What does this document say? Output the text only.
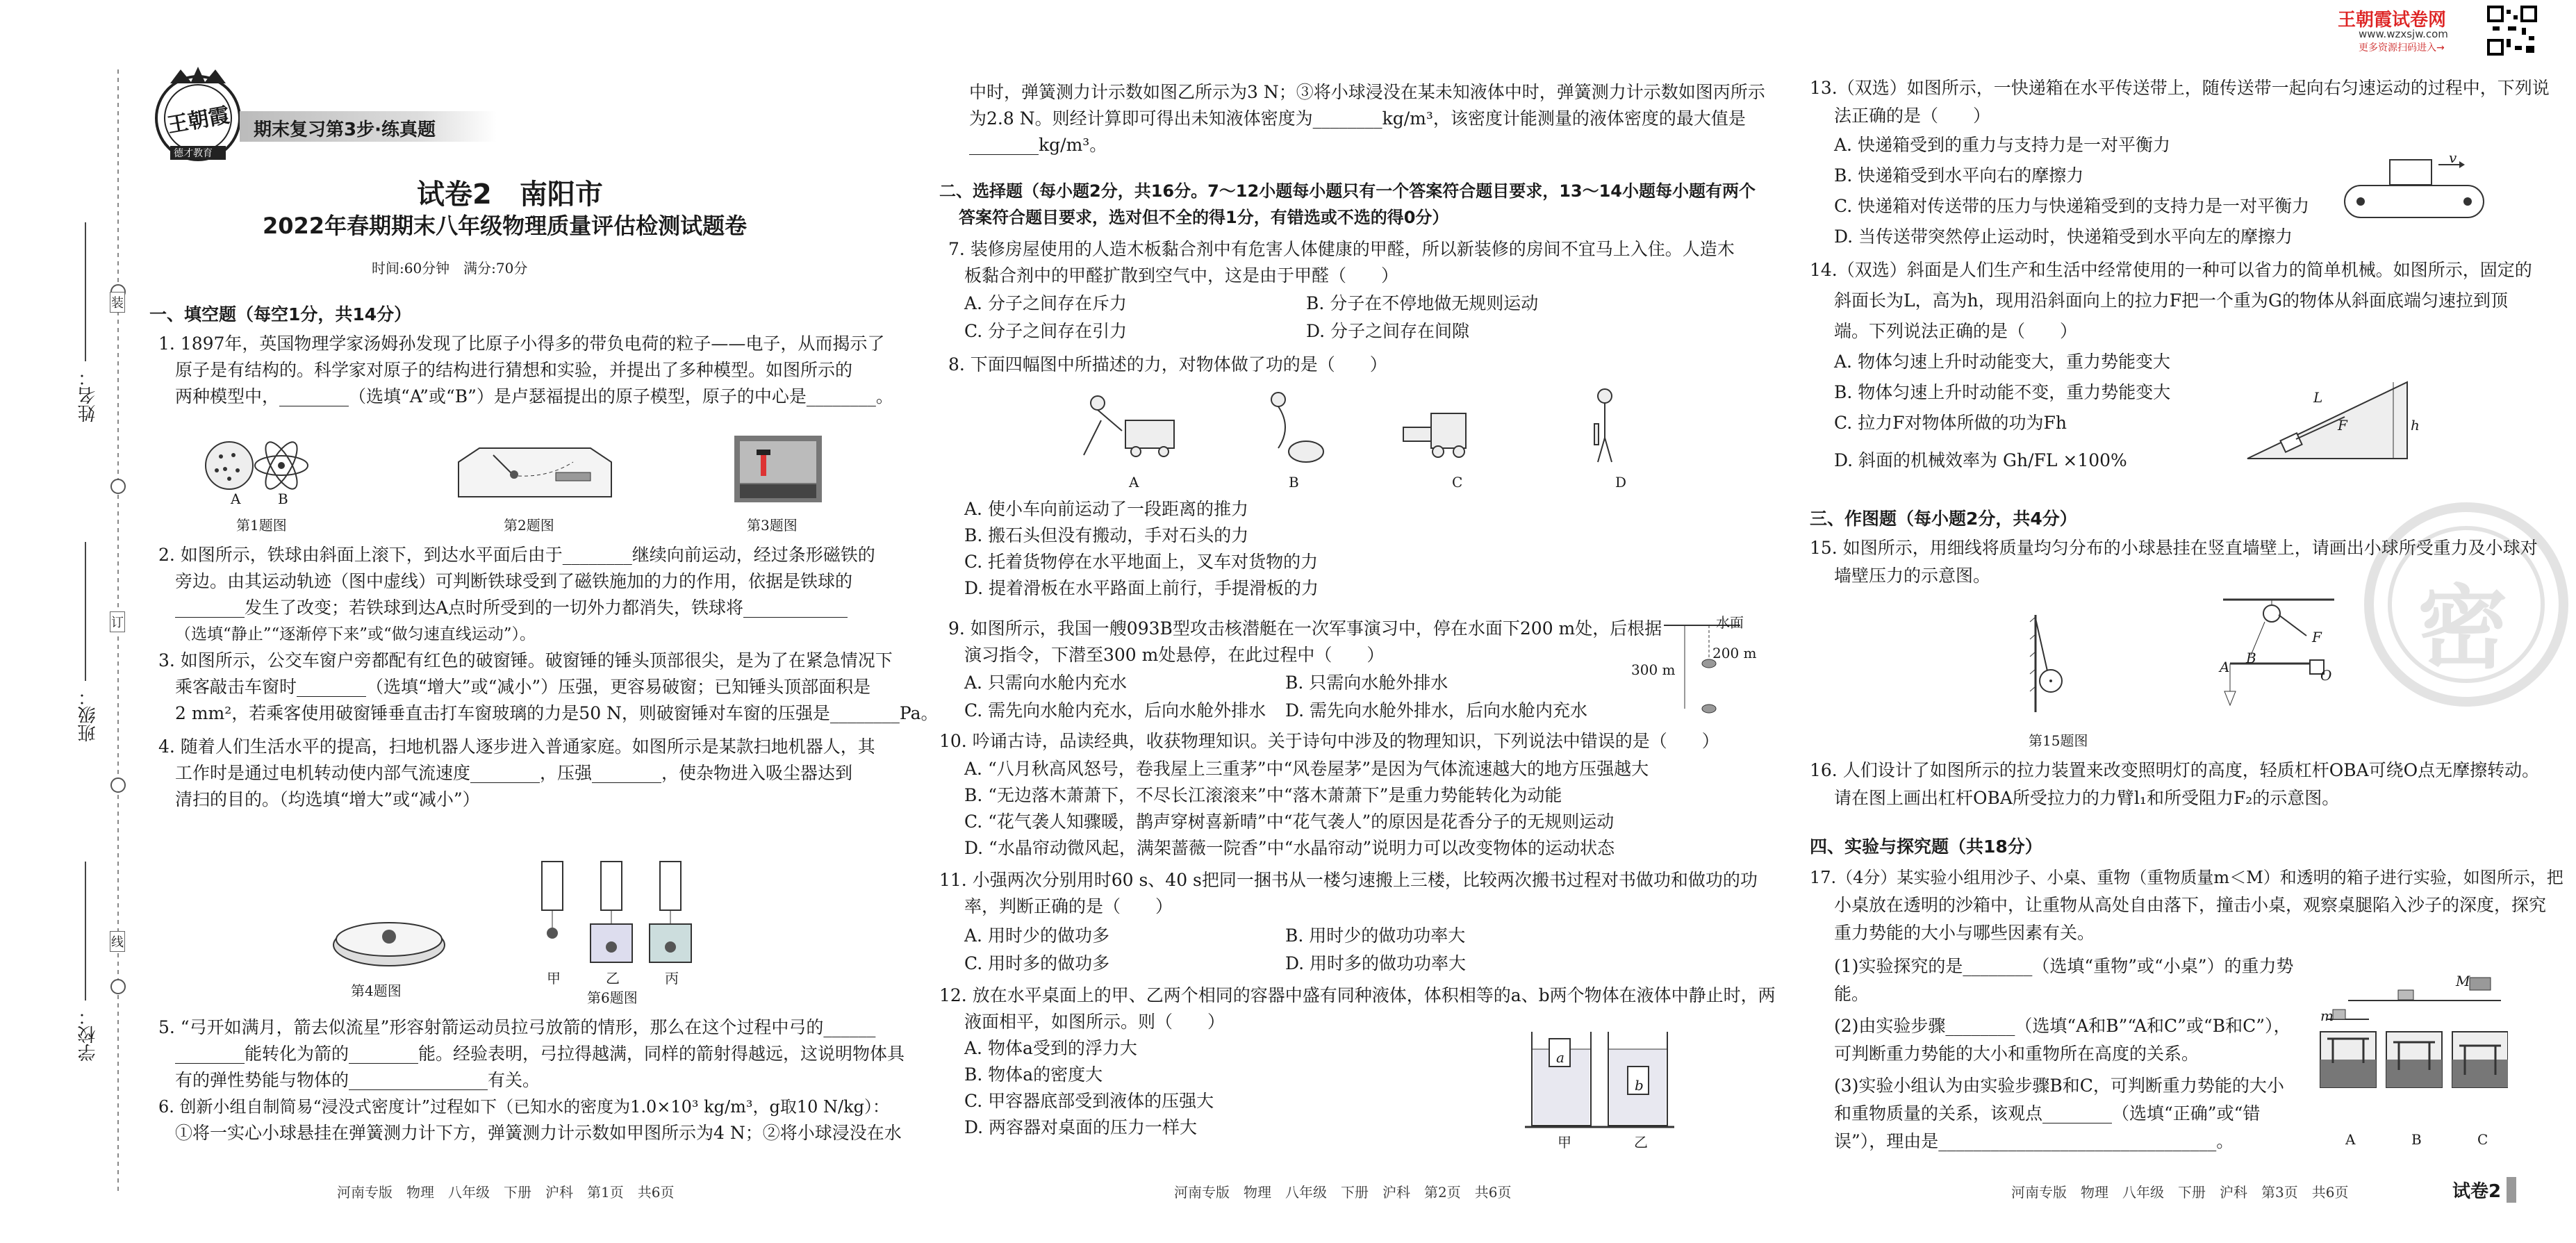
姓名：
班级：
学校：
装
订
线
王朝霞
德才教育
期末复习第3步·练真题
王朝霞试卷网
www.wzxsjw.com
更多资源扫码进入→
试卷2　南阳市
2022年春期期末八年级物理质量评估检测试题卷
时间:60分钟　满分:70分
一、填空题（每空1分，共14分）
1. 1897年，英国物理学家汤姆孙发现了比原子小得多的带负电荷的粒子——电子，从而揭示了
原子是有结构的。科学家对原子的结构进行猜想和实验，并提出了多种模型。如图所示的
两种模型中，________（选填“A”或“B”）是卢瑟福提出的原子模型，原子的中心是________。
A	B
第1题图	第2题图	第3题图
2. 如图所示，铁球由斜面上滚下，到达水平面后由于________继续向前运动，经过条形磁铁的
旁边。由其运动轨迹（图中虚线）可判断铁球受到了磁铁施加的力的作用，依据是铁球的
________发生了改变；若铁球到达A点时所受到的一切外力都消失，铁球将____________
（选填“静止”“逐渐停下来”或“做匀速直线运动”）。
3. 如图所示，公交车窗户旁都配有红色的破窗锤。破窗锤的锤头顶部很尖，是为了在紧急情况下
乘客敲击车窗时________（选填“增大”或“减小”）压强，更容易破窗；已知锤头顶部面积是
2 mm²，若乘客使用破窗锤垂直击打车窗玻璃的力是50 N，则破窗锤对车窗的压强是________Pa。
4. 随着人们生活水平的提高，扫地机器人逐步进入普通家庭。如图所示是某款扫地机器人，其
工作时是通过电机转动使内部气流速度________，压强________，使杂物进入吸尘器达到
清扫的目的。（均选填“增大”或“减小”）
第4题图
甲	乙	丙
第6题图
5. “弓开如满月，箭去似流星”形容射箭运动员拉弓放箭的情形，那么在这个过程中弓的______
________能转化为箭的________能。经验表明，弓拉得越满，同样的箭射得越远，这说明物体具
有的弹性势能与物体的________________有关。
6. 创新小组自制简易“浸没式密度计”过程如下（已知水的密度为1.0×10³ kg/m³，g取10 N/kg）：
①将一实心小球悬挂在弹簧测力计下方，弹簧测力计示数如甲图所示为4 N；②将小球浸没在水
河南专版　物理　八年级　下册　沪科　第1页　共6页
中时，弹簧测力计示数如图乙所示为3 N；③将小球浸没在某未知液体中时，弹簧测力计示数如图丙所示
为2.8 N。则经计算即可得出未知液体密度为________kg/m³，该密度计能测量的液体密度的最大值是
________kg/m³。
二、选择题（每小题2分，共16分。7～12小题每小题只有一个答案符合题目要求，13～14小题每小题有两个
答案符合题目要求，选对但不全的得1分，有错选或不选的得0分）
7. 装修房屋使用的人造木板黏合剂中有危害人体健康的甲醛，所以新装修的房间不宜马上入住。人造木
板黏合剂中的甲醛扩散到空气中，这是由于甲醛（　　）
A. 分子之间存在斥力	B. 分子在不停地做无规则运动
C. 分子之间存在引力	D. 分子之间存在间隙
8. 下面四幅图中所描述的力，对物体做了功的是（　　）
A	B	C	D
A. 使小车向前运动了一段距离的推力
B. 搬石头但没有搬动，手对石头的力
C. 托着货物停在水平地面上，叉车对货物的力
D. 提着滑板在水平路面上前行，手提滑板的力
9. 如图所示，我国一艘093B型攻击核潜艇在一次军事演习中，停在水面下200 m处，后根据
演习指令，下潜至300 m处悬停，在此过程中（　　）
A. 只需向水舱内充水	B. 只需向水舱外排水
C. 需先向水舱内充水，后向水舱外排水 D. 需先向水舱外排水，后向水舱内充水
水面
200 m
300 m
10. 吟诵古诗，品读经典，收获物理知识。关于诗句中涉及的物理知识，下列说法中错误的是（　　）
A. “八月秋高风怒号，卷我屋上三重茅”中“风卷屋茅”是因为气体流速越大的地方压强越大
B. “无边落木萧萧下，不尽长江滚滚来”中“落木萧萧下”是重力势能转化为动能
C. “花气袭人知骤暖，鹊声穿树喜新晴”中“花气袭人”的原因是花香分子的无规则运动
D. “水晶帘动微风起，满架蔷薇一院香”中“水晶帘动”说明力可以改变物体的运动状态
11. 小强两次分别用时60 s、40 s把同一捆书从一楼匀速搬上三楼，比较两次搬书过程对书做功和做功的功
率，判断正确的是（　　）
A. 用时少的做功多	B. 用时少的做功功率大
C. 用时多的做功多	D. 用时多的做功功率大
12. 放在水平桌面上的甲、乙两个相同的容器中盛有同种液体，体积相等的a、b两个物体在液体中静止时，两
液面相平，如图所示。则（　　）
A. 物体a受到的浮力大
B. 物体a的密度大
C. 甲容器底部受到液体的压强大
D. 两容器对桌面的压力一样大
a
b
甲	乙
河南专版　物理　八年级　下册　沪科　第2页　共6页
13.（双选）如图所示，一快递箱在水平传送带上，随传送带一起向右匀速运动的过程中，下列说
法正确的是（　　）
A. 快递箱受到的重力与支持力是一对平衡力
B. 快递箱受到水平向右的摩擦力
C. 快递箱对传送带的压力与快递箱受到的支持力是一对平衡力
D. 当传送带突然停止运动时，快递箱受到水平向左的摩擦力
v
14.（双选）斜面是人们生产和生活中经常使用的一种可以省力的简单机械。如图所示，固定的
斜面长为L，高为h，现用沿斜面向上的拉力F把一个重为G的物体从斜面底端匀速拉到顶
端。下列说法正确的是（　　）
A. 物体匀速上升时动能变大，重力势能变大
B. 物体匀速上升时动能不变，重力势能变大
C. 拉力F对物体所做的功为Fh
D. 斜面的机械效率为 Gh/FL ×100%
L
F	h
三、作图题（每小题2分，共4分）
15. 如图所示，用细线将质量均匀分布的小球悬挂在竖直墙壁上，请画出小球所受重力及小球对
墙壁压力的示意图。
第15题图
F
A
B
O
16. 人们设计了如图所示的拉力装置来改变照明灯的高度，轻质杠杆OBA可绕O点无摩擦转动。
请在图上画出杠杆OBA所受拉力的力臂l₁和所受阻力F₂的示意图。
四、实验与探究题（共18分）
17.（4分）某实验小组用沙子、小桌、重物（重物质量m＜M）和透明的箱子进行实验，如图所示，把
小桌放在透明的沙箱中，让重物从高处自由落下，撞击小桌，观察桌腿陷入沙子的深度，探究
重力势能的大小与哪些因素有关。
(1)实验探究的是________（选填“重物”或“小桌”）的重力势
能。
(2)由实验步骤________（选填“A和B”“A和C”或“B和C”），
可判断重力势能的大小和重物所在高度的关系。
(3)实验小组认为由实验步骤B和C，可判断重力势能的大小
和重物质量的关系，该观点________（选填“正确”或“错
误”），理由是________________________________。
M
m
A	B	C
密
河南专版　物理　八年级　下册　沪科　第3页　共6页	试卷2
